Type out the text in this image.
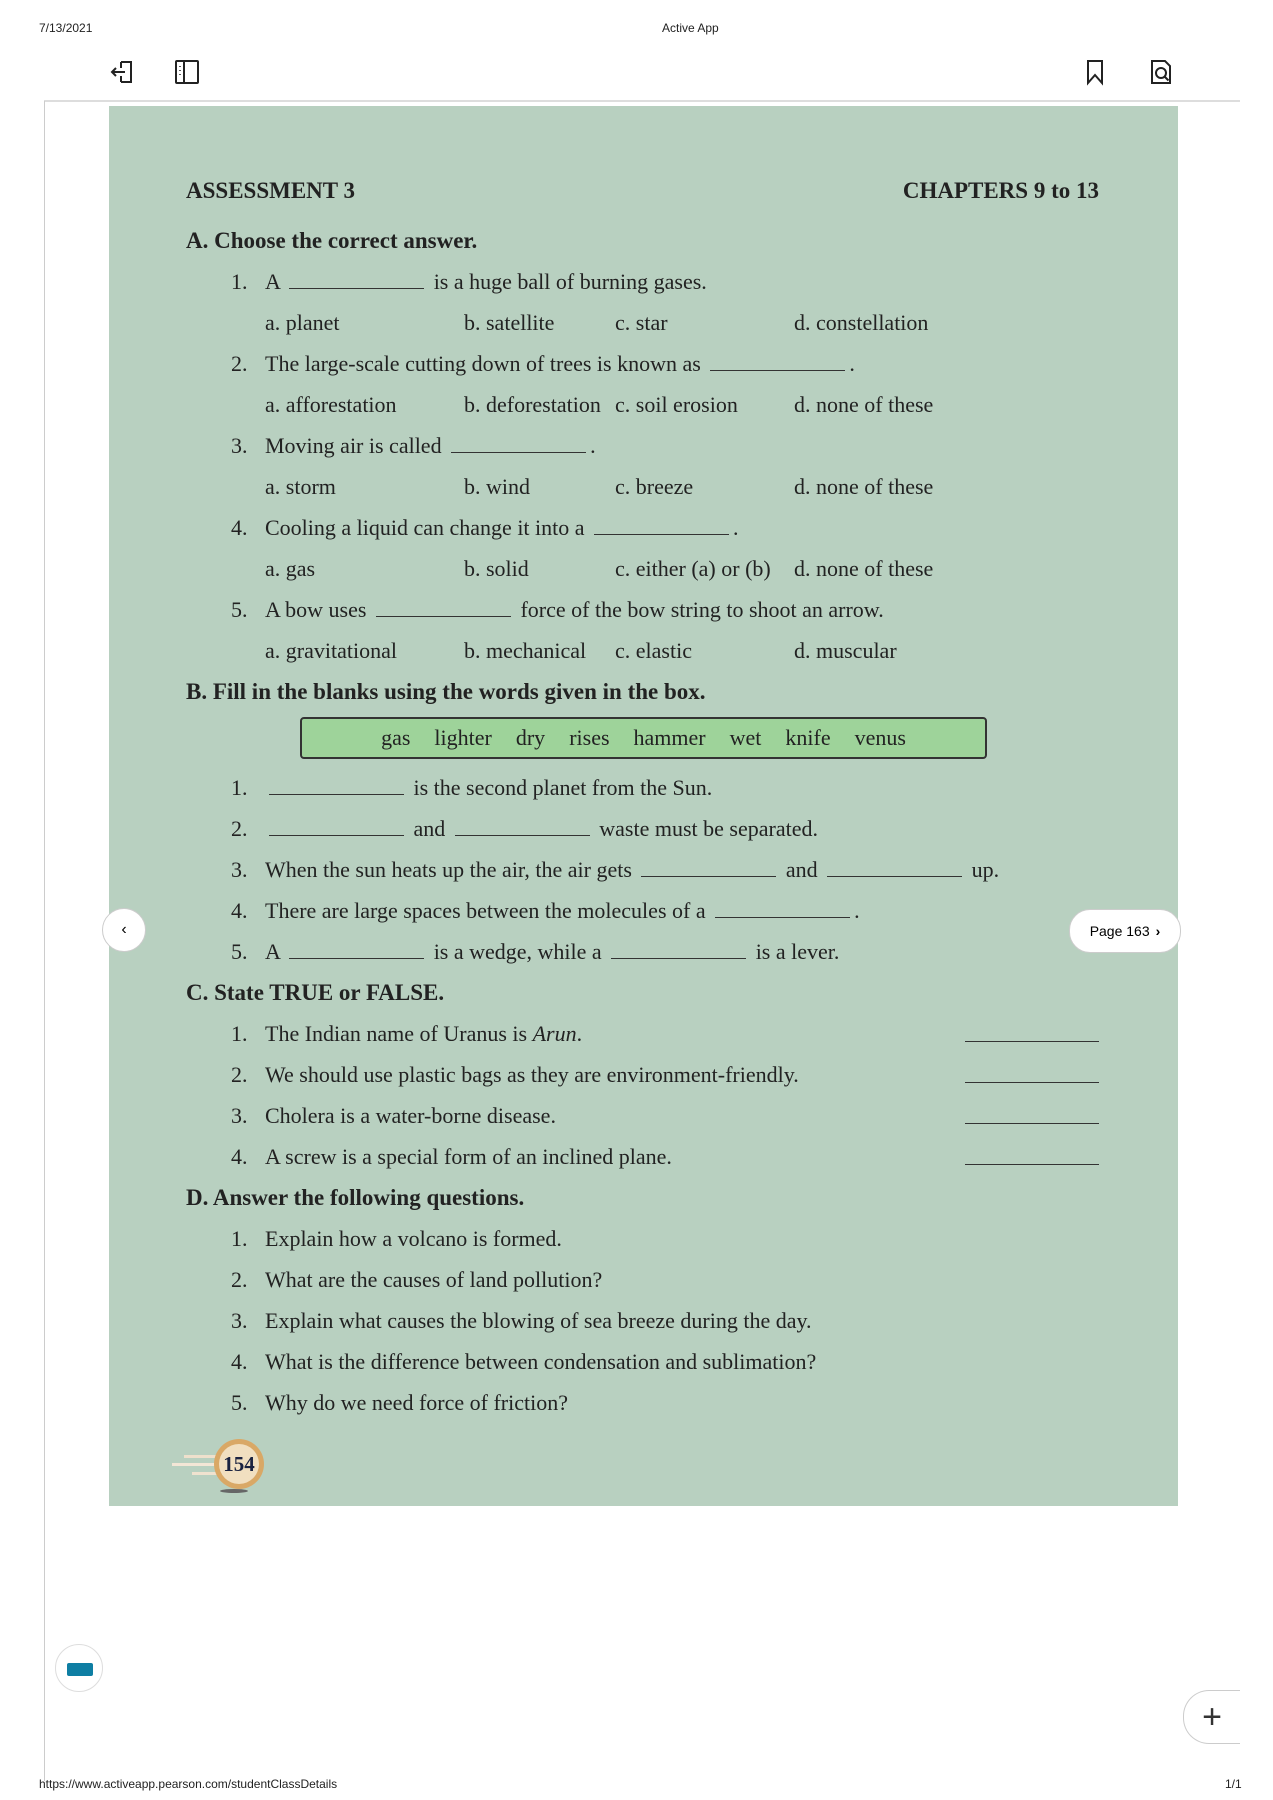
7/13/2021	Active App
ASSESSMENT 3	CHAPTERS 9 to 13
A. Choose the correct answer.
1. A	is a huge ball of burning gases.
a. planet	b. satellite	c. star	d. constellation
2. The large-scale cutting down of trees is known as	.
a. afforestation	b. deforestation c. soil erosion	d. none of these
3. Moving air is called	.
a. storm	b. wind	c. breeze	d. none of these
4. Cooling a liquid can change it into a	.
a. gas	b. solid	c. either (a) or (b) d. none of these
5. A bow uses	force of the bow string to shoot an arrow.
a. gravitational	b. mechanical c. elastic	d. muscular
B. Fill in the blanks using the words given in the box.
gas lighter dry rises hammer wet knife venus
1.	is the second planet from the Sun.
2.	and	waste must be separated.
3. When the sun heats up the air, the air gets	and	up.
4. There are large spaces between the molecules of a	.
5. A	is a wedge, while a	is a lever.
C. State TRUE or FALSE.
1. The Indian name of Uranus is Arun.
2. We should use plastic bags as they are environment-friendly.
3. Cholera is a water-borne disease.
4. A screw is a special form of an inclined plane.
D. Answer the following questions.
1. Explain how a volcano is formed.
2. What are the causes of land pollution?
3. Explain what causes the blowing of sea breeze during the day.
4. What is the difference between condensation and sublimation?
5. Why do we need force of friction?
154
‹	Page 163 ›
+
https://www.activeapp.pearson.com/studentClassDetails	1/1
